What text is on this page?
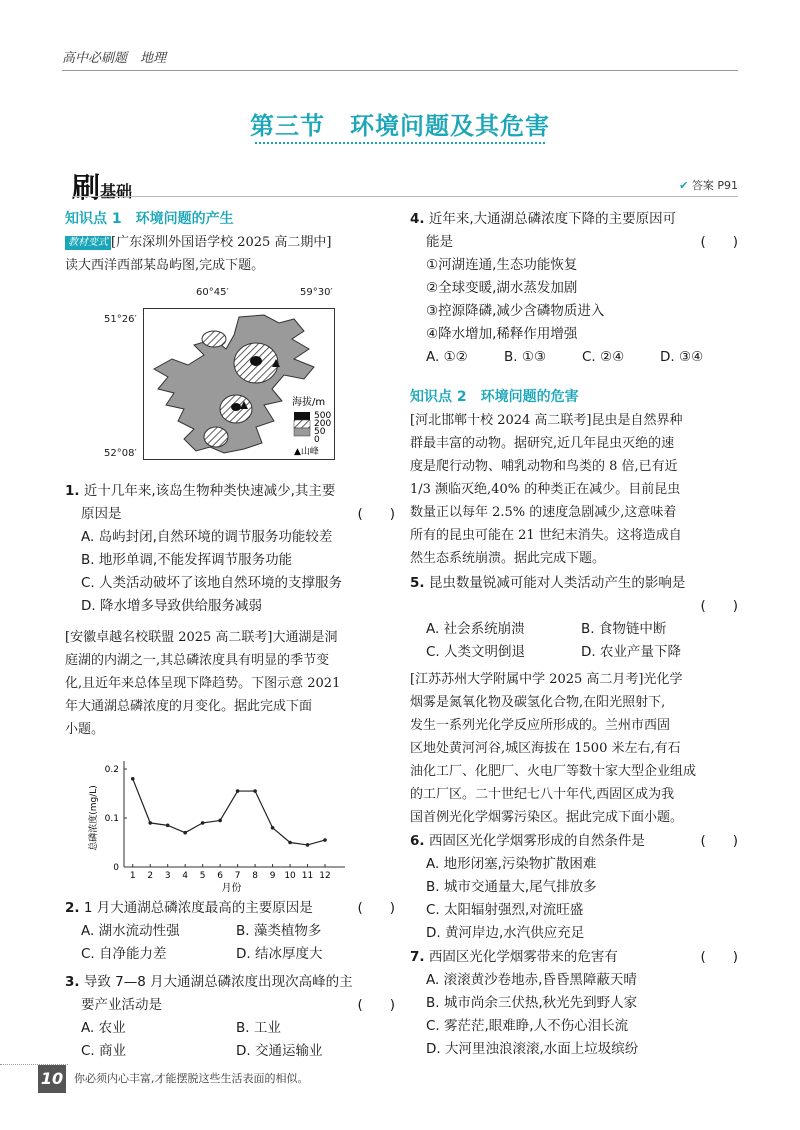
高中必刷题　地理
第三节　环境问题及其危害
刷基础	✔ 答案 P91
知识点 1　环境问题的产生
教材变式 [广东深圳外国语学校 2025 高二期中]
读大西洋西部某岛屿图,完成下题。
60°45′	59°30′
51°26′
52°08′
海拔/m
500
200
50
0
▲山峰
1. 近十几年来,该岛生物种类快速减少,其主要
原因是	(　　)
A. 岛屿封闭,自然环境的调节服务功能较差
B. 地形单调,不能发挥调节服务功能
C. 人类活动破坏了该地自然环境的支撑服务
D. 降水增多导致供给服务减弱
[安徽卓越名校联盟 2025 高二联考]大通湖是洞
庭湖的内湖之一,其总磷浓度具有明显的季节变
化,且近年来总体呈现下降趋势。下图示意 2021
年大通湖总磷浓度的月变化。据此完成下面
小题。
0
0.1
0.2
1 2 3 4 5 6 7 8 9 10 11 12
月份
总磷浓度(mg/L)
2. 1 月大通湖总磷浓度最高的主要原因是	(　　)
A. 湖水流动性强	B. 藻类植物多
C. 自净能力差	D. 结冰厚度大
3. 导致 7—8 月大通湖总磷浓度出现次高峰的主
要产业活动是	(　　)
A. 农业	B. 工业
C. 商业	D. 交通运输业
4. 近年来,大通湖总磷浓度下降的主要原因可
能是	(　　)
①河湖连通,生态功能恢复
②全球变暖,湖水蒸发加剧
③控源降磷,减少含磷物质进入
④降水增加,稀释作用增强
A. ①②	B. ①③	C. ②④	D. ③④
知识点 2　环境问题的危害
[河北邯郸十校 2024 高二联考]昆虫是自然界种
群最丰富的动物。据研究,近几年昆虫灭绝的速
度是爬行动物、哺乳动物和鸟类的 8 倍,已有近
1/3 濒临灭绝,40% 的种类正在减少。目前昆虫
数量正以每年 2.5% 的速度急剧减少,这意味着
所有的昆虫可能在 21 世纪末消失。这将造成自
然生态系统崩溃。据此完成下题。
5. 昆虫数量锐减可能对人类活动产生的影响是
(　　)
A. 社会系统崩溃	B. 食物链中断
C. 人类文明倒退	D. 农业产量下降
[江苏苏州大学附属中学 2025 高二月考]光化学
烟雾是氮氧化物及碳氢化合物,在阳光照射下,
发生一系列光化学反应所形成的。兰州市西固
区地处黄河河谷,城区海拔在 1500 米左右,有石
油化工厂、化肥厂、火电厂等数十家大型企业组成
的工厂区。二十世纪七八十年代,西固区成为我
国首例光化学烟雾污染区。据此完成下面小题。
6. 西固区光化学烟雾形成的自然条件是	(　　)
A. 地形闭塞,污染物扩散困难
B. 城市交通量大,尾气排放多
C. 太阳辐射强烈,对流旺盛
D. 黄河岸边,水汽供应充足
7. 西固区光化学烟雾带来的危害有	(　　)
A. 滚滚黄沙卷地赤,昏昏黑障蔽天晴
B. 城市尚余三伏热,秋光先到野人家
C. 雾茫茫,眼难睁,人不伤心泪长流
D. 大河里浊浪滚滚,水面上垃圾缤纷
10 你必须内心丰富,才能摆脱这些生活表面的相似。
